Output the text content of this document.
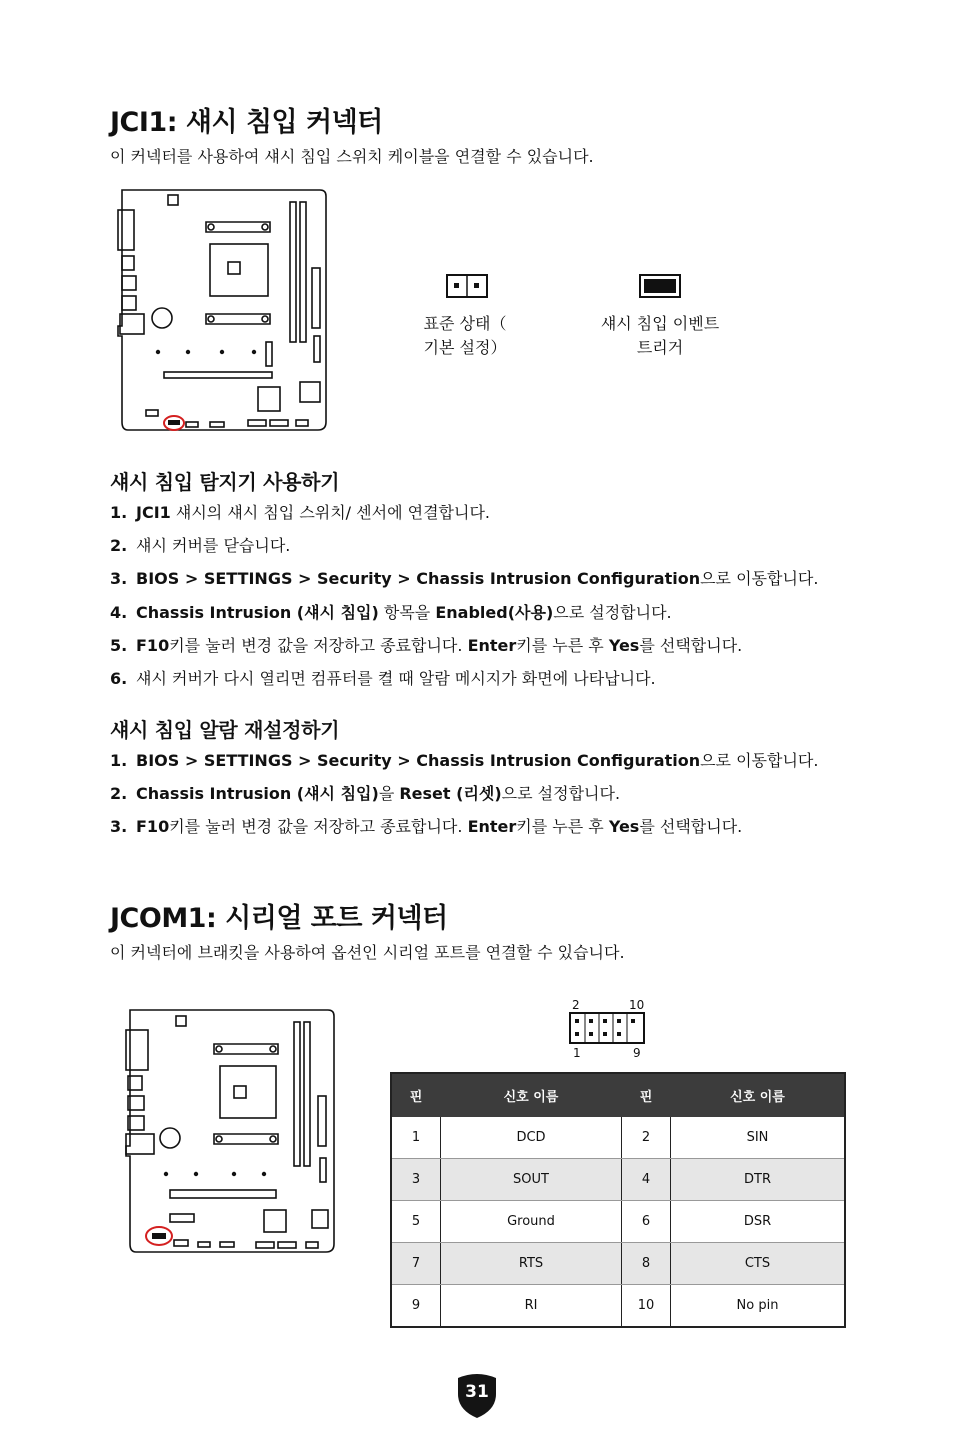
JCI1: 섀시 침입 커넥터
이 커넥터를 사용하여 섀시 침입 스위치 케이블을 연결할 수 있습니다.
표준 상태（
기본 설정）
섀시 침입 이벤트
트리거
섀시 침입 탐지기 사용하기
1. JCI1 섀시의 섀시 침입 스위치/ 센서에 연결합니다.
2. 섀시 커버를 닫습니다.
3. BIOS > SETTINGS > Security > Chassis Intrusion Configuration으로 이동합니다.
4. Chassis Intrusion (섀시 침입) 항목을 Enabled(사용)으로 설정합니다.
5. F10키를 눌러 변경 값을 저장하고 종료합니다. Enter키를 누른 후 Yes를 선택합니다.
6. 섀시 커버가 다시 열리면 컴퓨터를 켤 때 알람 메시지가 화면에 나타납니다.
섀시 침입 알람 재설정하기
1. BIOS > SETTINGS > Security > Chassis Intrusion Configuration으로 이동합니다.
2. Chassis Intrusion (섀시 침입)을 Reset (리셋)으로 설정합니다.
3. F10키를 눌러 변경 값을 저장하고 종료합니다. Enter키를 누른 후 Yes를 선택합니다.
JCOM1: 시리얼 포트 커넥터
이 커넥터에 브래킷을 사용하여 옵션인 시리얼 포트를 연결할 수 있습니다.
2	10
1	9
핀	신호 이름	핀	신호 이름
1	DCD	2	SIN
3	SOUT	4	DTR
5	Ground	6	DSR
7	RTS	8	CTS
9	RI	10	No pin
31
